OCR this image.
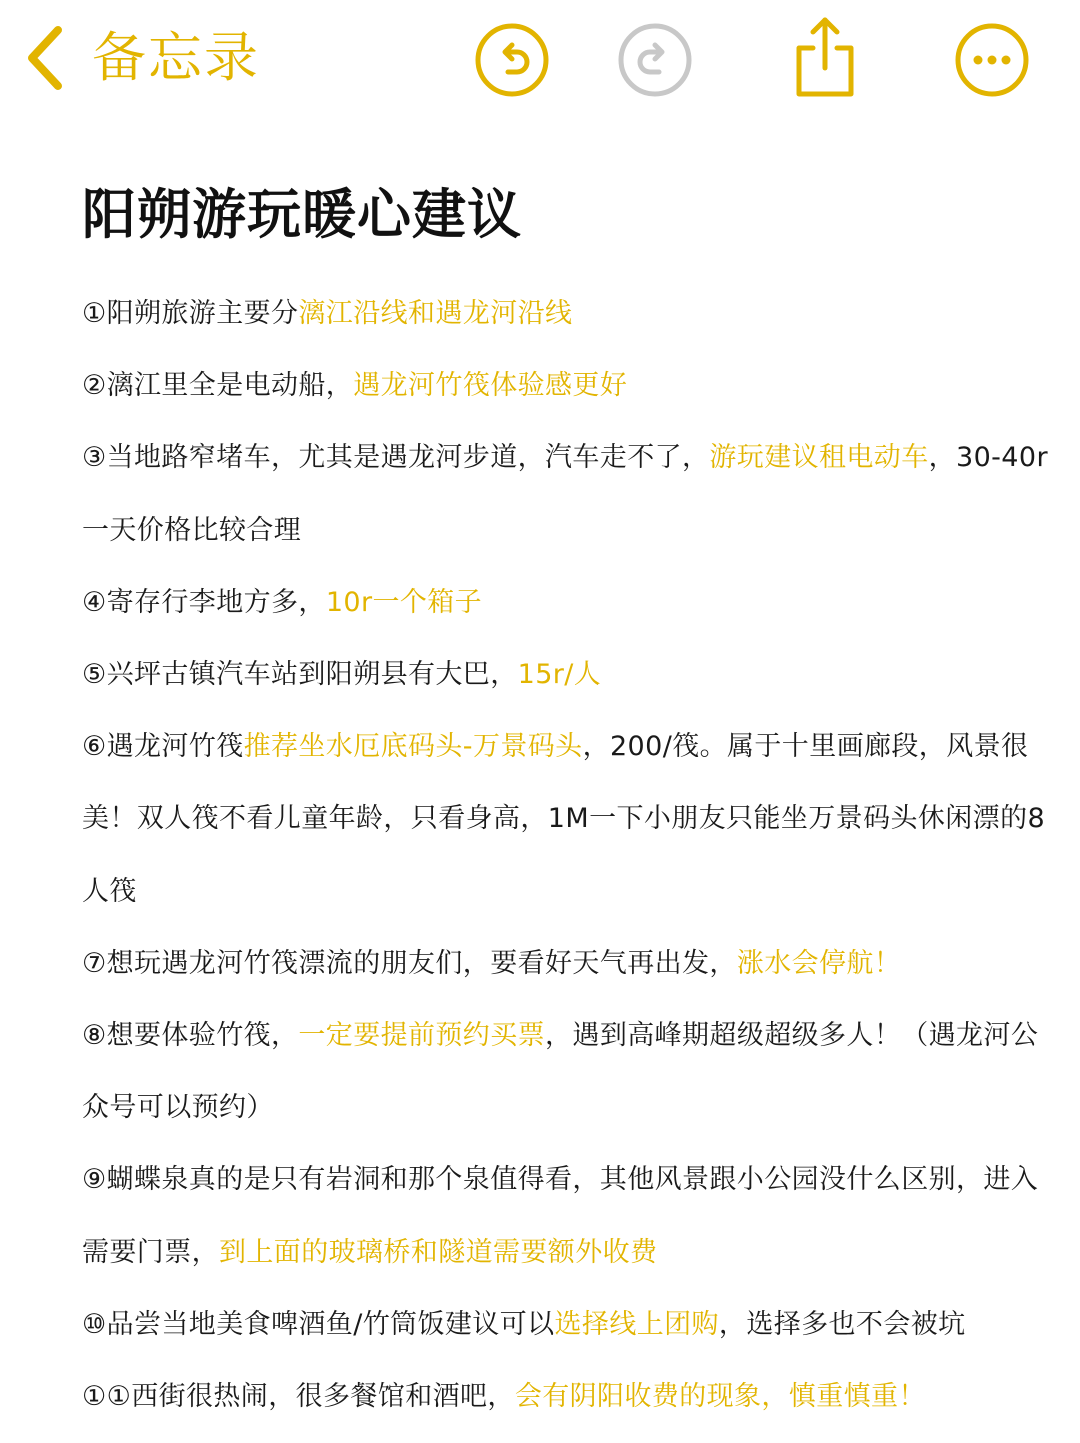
备忘录
阳朔游玩暖心建议
①阳朔旅游主要分漓江沿线和遇龙河沿线
②漓江里全是电动船，遇龙河竹筏体验感更好
③当地路窄堵车，尤其是遇龙河步道，汽车走不了，游玩建议租电动车，30-40r一天价格比较合理
④寄存行李地方多，10r一个箱子
⑤兴坪古镇汽车站到阳朔县有大巴，15r/人
⑥遇龙河竹筏推荐坐水厄底码头-万景码头，200/筏。属于十里画廊段，风景很美！双人筏不看儿童年龄，只看身高，1M一下小朋友只能坐万景码头休闲漂的8人筏
⑦想玩遇龙河竹筏漂流的朋友们，要看好天气再出发，涨水会停航！
⑧想要体验竹筏，一定要提前预约买票，遇到高峰期超级超级多人！（遇龙河公众号可以预约）
⑨蝴蝶泉真的是只有岩洞和那个泉值得看，其他风景跟小公园没什么区别，进入需要门票，到上面的玻璃桥和隧道需要额外收费
⑩品尝当地美食啤酒鱼/竹筒饭建议可以选择线上团购，选择多也不会被坑
①①西街很热闹，很多餐馆和酒吧，会有阴阳收费的现象，慎重慎重！
